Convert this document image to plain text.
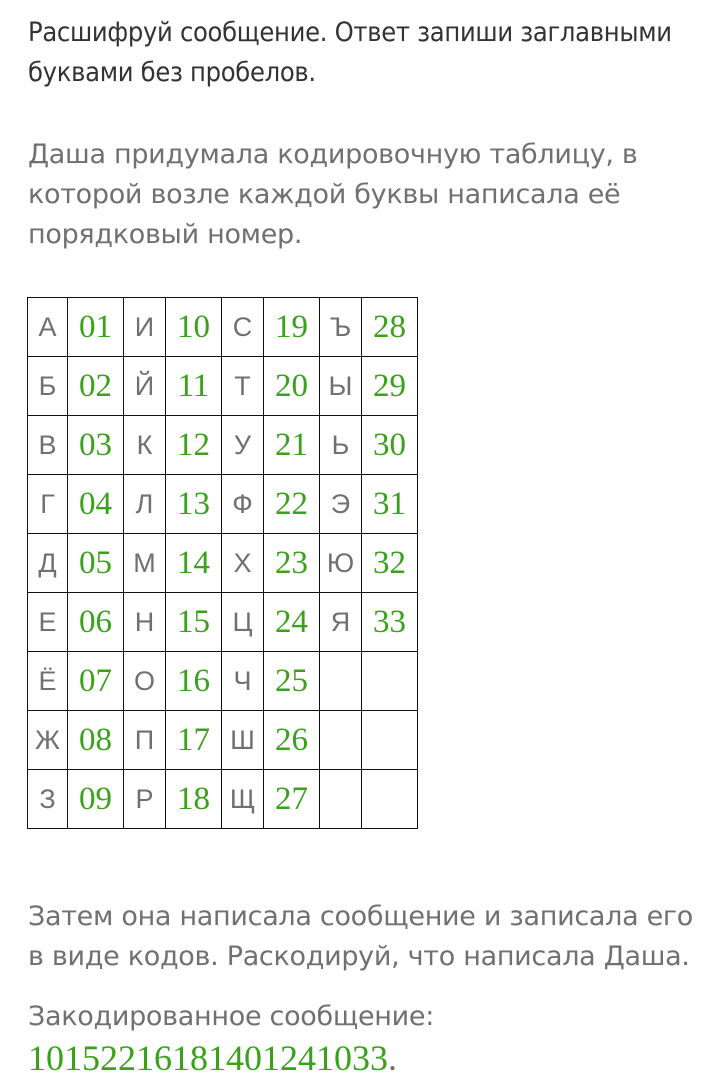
Расшифруй сообщение. Ответ запиши заглавными буквами без пробелов.
Даша придумала кодировочную таблицу, в которой возле каждой буквы написала её порядковый номер.
А	01	И	10	С	19	Ъ	28
Б	02	Й	11	Т	20	Ы	29
В	03	К	12	У	21	Ь	30
Г	04	Л	13	Ф	22	Э	31
Д	05	М	14	Х	23	Ю	32
Е	06	Н	15	Ц	24	Я	33
Ё	07	О	16	Ч	25		
Ж	08	П	17	Ш	26		
З	09	Р	18	Щ	27		
Затем она написала сообщение и записала его в виде кодов. Раскодируй, что написала Даша.
Закодированное сообщение:
10152216181401241033.
